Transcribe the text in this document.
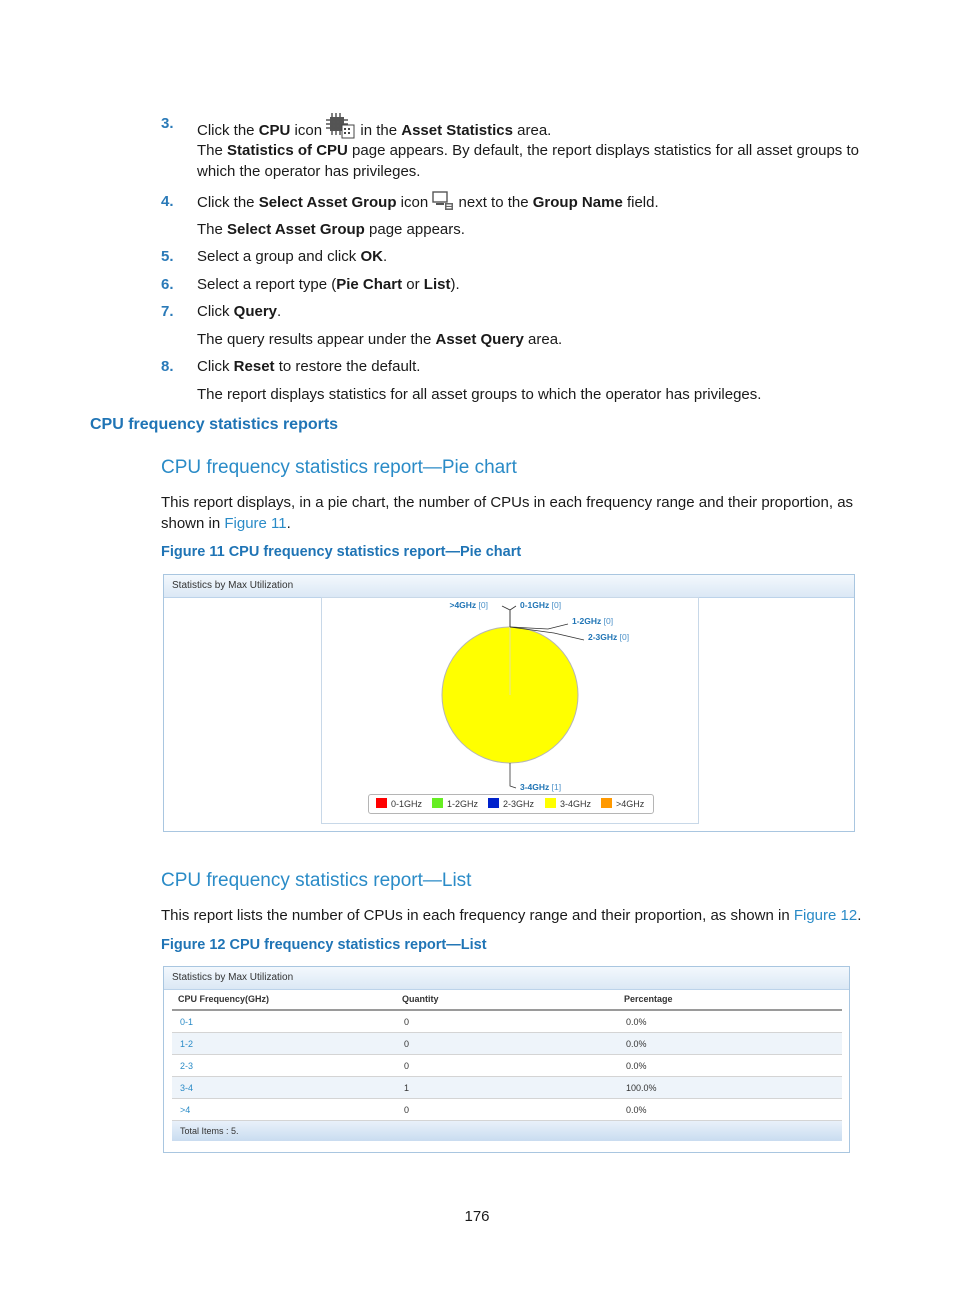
3. Click the CPU icon  in the Asset Statistics area.
The Statistics of CPU page appears. By default, the report displays statistics for all asset groups to which the operator has privileges.
4. Click the Select Asset Group icon  next to the Group Name field.
The Select Asset Group page appears.
5. Select a group and click OK.
6. Select a report type (Pie Chart or List).
7. Click Query.
The query results appear under the Asset Query area.
8. Click Reset to restore the default.
The report displays statistics for all asset groups to which the operator has privileges.
CPU frequency statistics reports
CPU frequency statistics report—Pie chart
This report displays, in a pie chart, the number of CPUs in each frequency range and their proportion, as shown in Figure 11.
Figure 11 CPU frequency statistics report—Pie chart
Statistics by Max Utilization
0-1GHz [0]
1-2GHz [0]
2-3GHz [0]
3-4GHz [1]
>4GHz [0]
0-1GHz	1-2GHz	2-3GHz	3-4GHz	>4GHz
CPU frequency statistics report—List
This report lists the number of CPUs in each frequency range and their proportion, as shown in Figure 12.
Figure 12 CPU frequency statistics report—List
Statistics by Max Utilization
CPU Frequency(GHz)	Quantity	Percentage
0-1	0	0.0%
1-2	0	0.0%
2-3	0	0.0%
3-4	1	100.0%
>4	0	0.0%
Total Items : 5.
176
